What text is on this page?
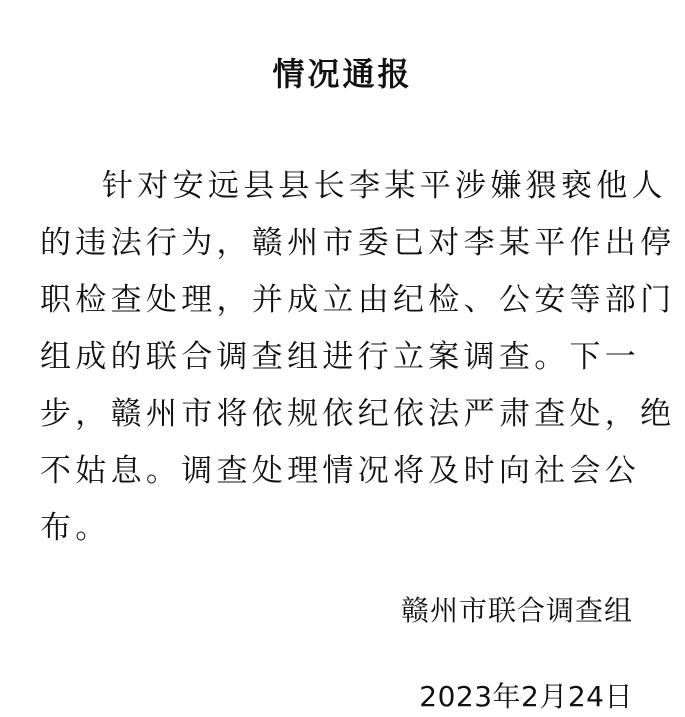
情况通报
针对安远县县长李某平涉嫌猥亵他人
的违法行为，赣州市委已对李某平作出停
职检查处理，并成立由纪检、公安等部门
组成的联合调查组进行立案调查。下一
步，赣州市将依规依纪依法严肃查处，绝
不姑息。调查处理情况将及时向社会公
布。
赣州市联合调查组
2023年2月24日
